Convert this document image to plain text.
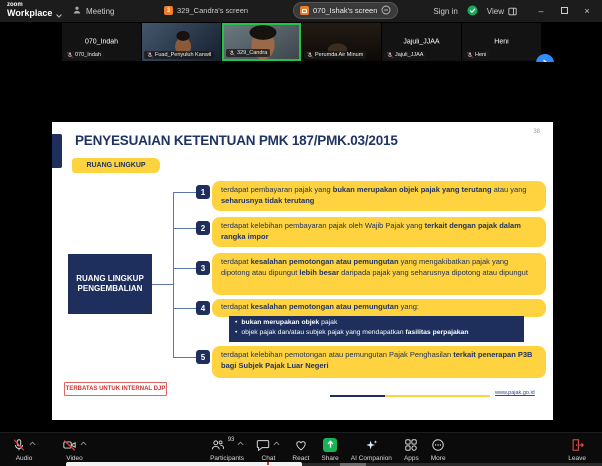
zoom
Workplace	Meeting	3 329_Candra's screen	070_Ishak's screen	Sign in	View	–	×
070_Indah
070_Indah	Fuad_Penyuluh Kanwil	329_Candra	Perumda Air Minum
Jajuli_JJAA
Jajuli_JJAA
Heni
Heni
PENYESUAIAN KETENTUAN PMK 187/PMK.03/2015
RUANG LINGKUP
38
RUANG LINGKUP PENGEMBALIAN
1	terdapat pembayaran pajak yang bukan merupakan objek pajak yang terutang atau yang seharusnya tidak terutang
2	terdapat kelebihan pembayaran pajak oleh Wajib Pajak yang terkait dengan pajak dalam rangka impor
3
terdapat kesalahan pemotongan atau pemungutan yang mengakibatkan pajak yang dipotong atau dipungut lebih besar daripada pajak yang seharusnya dipotong atau dipungut
4	terdapat kesalahan pemotongan atau pemungutan yang:
• bukan merupakan objek pajak
• objek pajak dan/atau subjek pajak yang mendapatkan fasilitas perpajakan
5	terdapat kelebihan pemotongan atau pemungutan Pajak Penghasilan terkait penerapan P3B bagi Subjek Pajak Luar Negeri
TERBATAS UNTUK INTERNAL DJP
www.pajak.go.id
Audio	Video
93
Participants	Chat	React Share AI Companion Apps More	Leave
